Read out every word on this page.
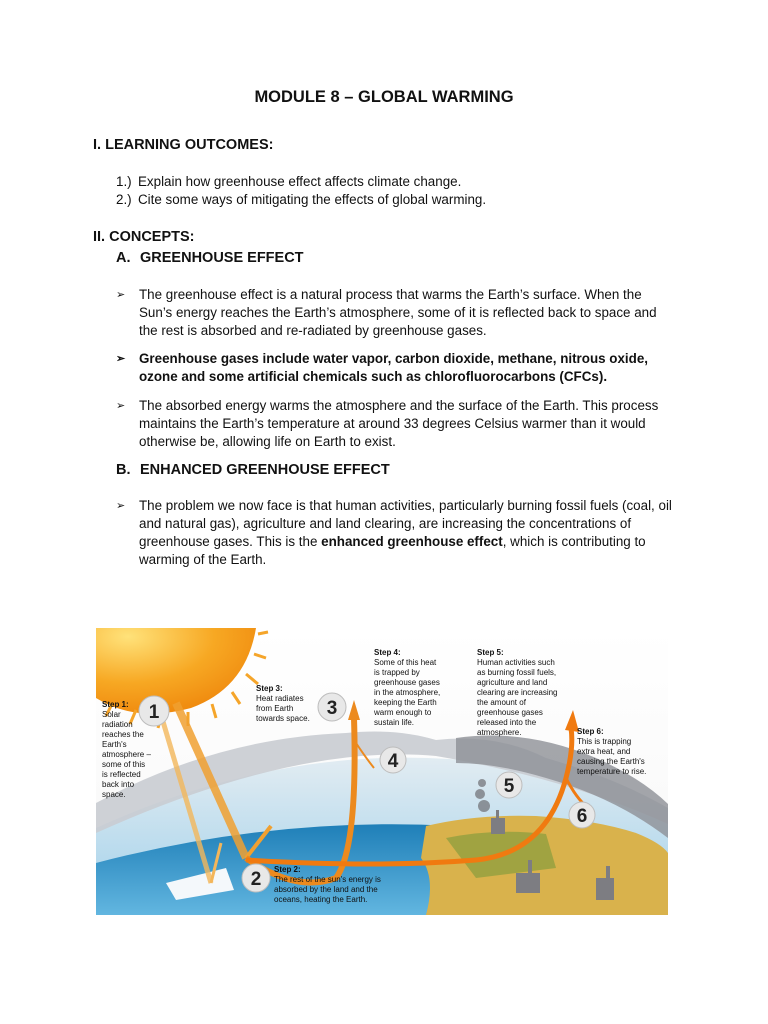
MODULE 8 – GLOBAL WARMING
I. LEARNING OUTCOMES:
1.) Explain how greenhouse effect affects climate change.
2.) Cite some ways of mitigating the effects of global warming.
II. CONCEPTS:
A. GREENHOUSE EFFECT
➢ The greenhouse effect is a natural process that warms the Earth’s surface. When the Sun’s energy reaches the Earth’s atmosphere, some of it is reflected back to space and the rest is absorbed and re-radiated by greenhouse gases.
➢ Greenhouse gases include water vapor, carbon dioxide, methane, nitrous oxide, ozone and some artificial chemicals such as chlorofluorocarbons (CFCs).
➢ The absorbed energy warms the atmosphere and the surface of the Earth. This process maintains the Earth’s temperature at around 33 degrees Celsius warmer than it would otherwise be, allowing life on Earth to exist.
B. ENHANCED GREENHOUSE EFFECT
➢ The problem we now face is that human activities, particularly burning fossil fuels (coal, oil and natural gas), agriculture and land clearing, are increasing the concentrations of greenhouse gases. This is the enhanced greenhouse effect, which is contributing to warming of the Earth.
Step 1:
Solar radiation reaches the Earth's atmosphere – some of this is reflected back into space.
Step 3:
Heat radiates from Earth towards space.
Step 4:
Some of this heat is trapped by greenhouse gases in the atmosphere, keeping the Earth warm enough to sustain life.
Step 5:
Human activities such as burning fossil fuels, agriculture and land clearing are increasing the amount of greenhouse gases released into the atmosphere.	Step 6:
This is trapping extra heat, and causing the Earth's temperature to rise.
Step 2:
The rest of the sun's energy is absorbed by the land and the oceans, heating the Earth.
1
2
3
4
5
6
